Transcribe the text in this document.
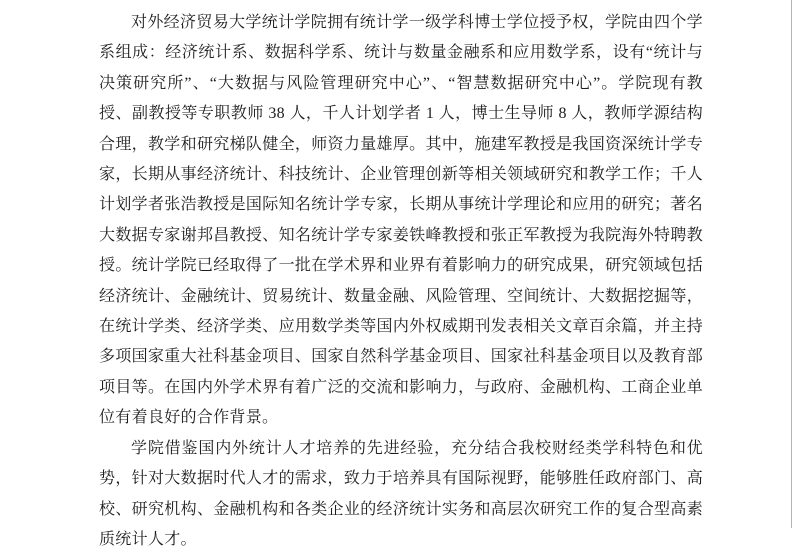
对外经济贸易大学统计学院拥有统计学一级学科博士学位授予权，学院由四个学系组成：经济统计系、数据科学系、统计与数量金融系和应用数学系，设有“统计与决策研究所”、“大数据与风险管理研究中心”、“智慧数据研究中心”。学院现有教授、副教授等专职教师 38 人，千人计划学者 1 人，博士生导师 8 人，教师学源结构合理，教学和研究梯队健全，师资力量雄厚。其中，施建军教授是我国资深统计学专家，长期从事经济统计、科技统计、企业管理创新等相关领域研究和教学工作；千人计划学者张浩教授是国际知名统计学专家，长期从事统计学理论和应用的研究；著名大数据专家谢邦昌教授、知名统计学专家姜铁峰教授和张正军教授为我院海外特聘教授。统计学院已经取得了一批在学术界和业界有着影响力的研究成果，研究领域包括经济统计、金融统计、贸易统计、数量金融、风险管理、空间统计、大数据挖掘等，在统计学类、经济学类、应用数学类等国内外权威期刊发表相关文章百余篇，并主持多项国家重大社科基金项目、国家自然科学基金项目、国家社科基金项目以及教育部项目等。在国内外学术界有着广泛的交流和影响力，与政府、金融机构、工商企业单位有着良好的合作背景。

学院借鉴国内外统计人才培养的先进经验，充分结合我校财经类学科特色和优势，针对大数据时代人才的需求，致力于培养具有国际视野，能够胜任政府部门、高校、研究机构、金融机构和各类企业的经济统计实务和高层次研究工作的复合型高素质统计人才。
